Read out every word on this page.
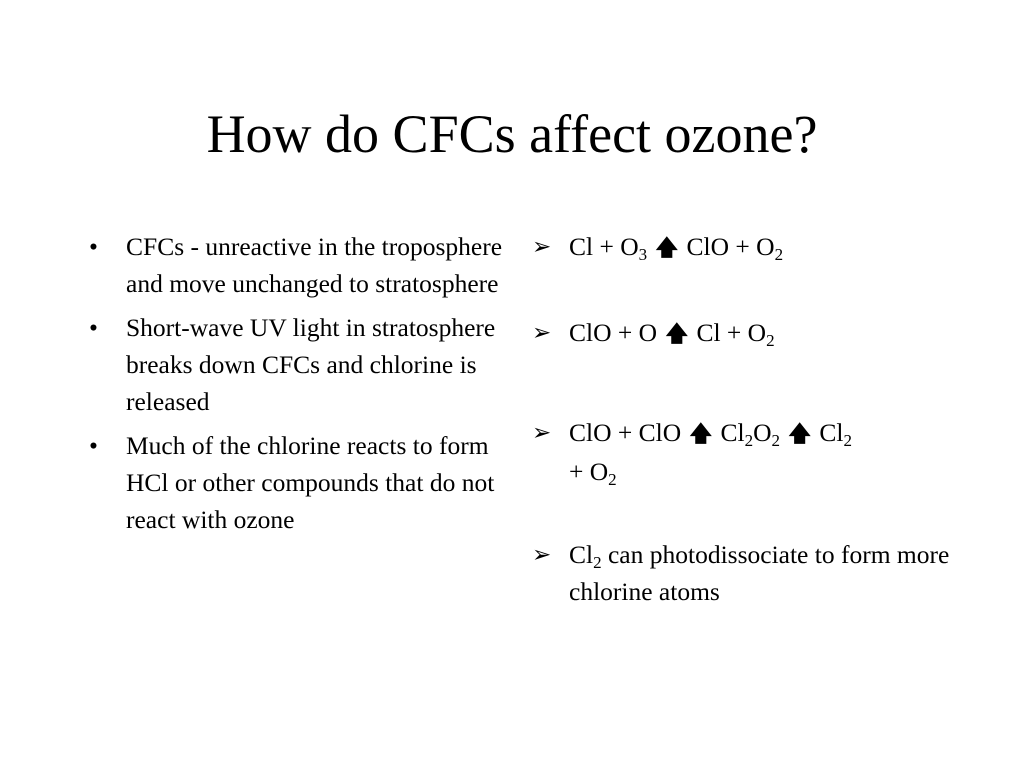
How do CFCs affect ozone?
• CFCs - unreactive in the troposphere and move unchanged to stratosphere
• Short-wave UV light in stratosphere breaks down CFCs and chlorine is released
• Much of the chlorine reacts to form HCl or other compounds that do not react with ozone
➢ $Cl + O_3$ 🡅 ClO + $O_2$
➢ ClO + O 🡅 $Cl + O_2$
➢ ClO + ClO 🡅 $Cl_2O_2$ 🡅 $Cl_2$
+ $O_2$
➢ $Cl_2$ can photodissociate to form more chlorine atoms
